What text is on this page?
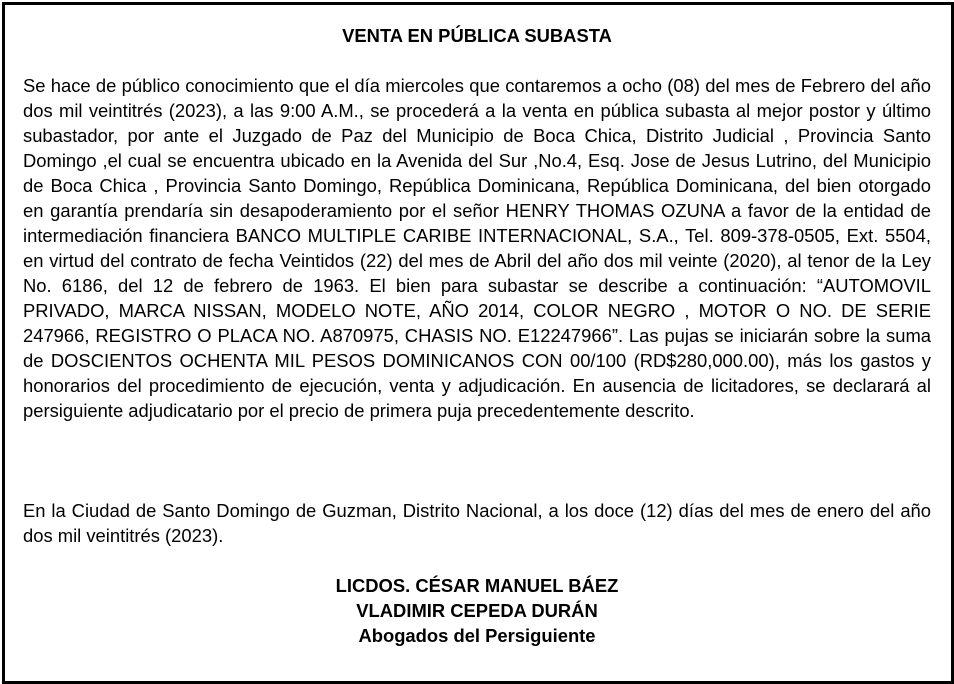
VENTA EN PÚBLICA SUBASTA

Se hace de público conocimiento que el día miercoles que contaremos a ocho (08) del mes de Febrero del año dos mil veintitrés (2023), a las 9:00 A.M., se procederá a la venta en pública subasta al mejor postor y último subastador, por ante el Juzgado de Paz del Municipio de Boca Chica, Distrito Judicial , Provincia Santo Domingo ,el cual se encuentra ubicado en la Avenida del Sur ,No.4, Esq. Jose de Jesus Lutrino, del Municipio de Boca Chica , Provincia Santo Domingo, República Dominicana, República Dominicana, del bien otorgado en garantía prendaría sin desapoderamiento por el señor HENRY THOMAS OZUNA a favor de la entidad de intermediación financiera BANCO MULTIPLE CARIBE INTERNACIONAL, S.A., Tel. 809-378-0505, Ext. 5504, en virtud del contrato de fecha Veintidos (22) del mes de Abril del año dos mil veinte (2020), al tenor de la Ley No. 6186, del 12 de febrero de 1963. El bien para subastar se describe a continuación: “AUTOMOVIL PRIVADO, MARCA NISSAN, MODELO NOTE, AÑO 2014, COLOR NEGRO , MOTOR O NO. DE SERIE 247966, REGISTRO O PLACA NO. A870975, CHASIS NO. E12247966”. Las pujas se iniciarán sobre la suma de DOSCIENTOS OCHENTA MIL PESOS DOMINICANOS CON 00/100 (RD$280,000.00), más los gastos y honorarios del procedimiento de ejecución, venta y adjudicación. En ausencia de licitadores, se declarará al persiguiente adjudicatario por el precio de primera puja precedentemente descrito.

En la Ciudad de Santo Domingo de Guzman, Distrito Nacional, a los doce (12) días del mes de enero del año dos mil veintitrés (2023).

LICDOS. CÉSAR MANUEL BÁEZ
VLADIMIR CEPEDA DURÁN
Abogados del Persiguiente
